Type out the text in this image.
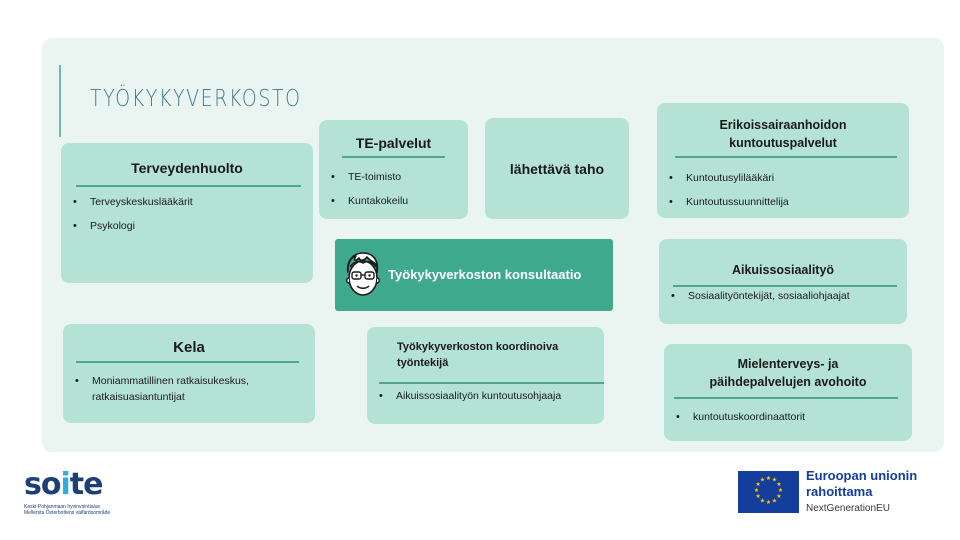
TYÖKYKYVERKOSTO
Terveydenhuolto
• Terveyskeskuslääkärit
• Psykologi
TE-palvelut
• TE-toimisto
• Kuntakokeilu
lähettävä taho
Erikoissairaanhoidon
kuntoutuspalvelut
• Kuntoutusylilääkäri
• Kuntoutussuunnittelija
Työkykyverkoston konsultaatio	Aikuissosiaalityö
• Sosiaalityöntekijät, sosiaaliohjaajat
Kela
• Moniammatillinen ratkaisukeskus,
ratkaisuasiantuntijat
Työkykyverkoston koordinoiva
työntekijä
• Aikuissosiaalityön kuntoutusohjaaja
Mielenterveys- ja
päihdepalvelujen avohoito
• kuntoutuskoordinaattorit
soite
Keski-Pohjanmaan hyvinvointialue
Mellersta Österbottens välfärdsområde
★ ★
★
★
★
★
★
★
★
★
★
★	Euroopan unionin
rahoittama
NextGenerationEU
